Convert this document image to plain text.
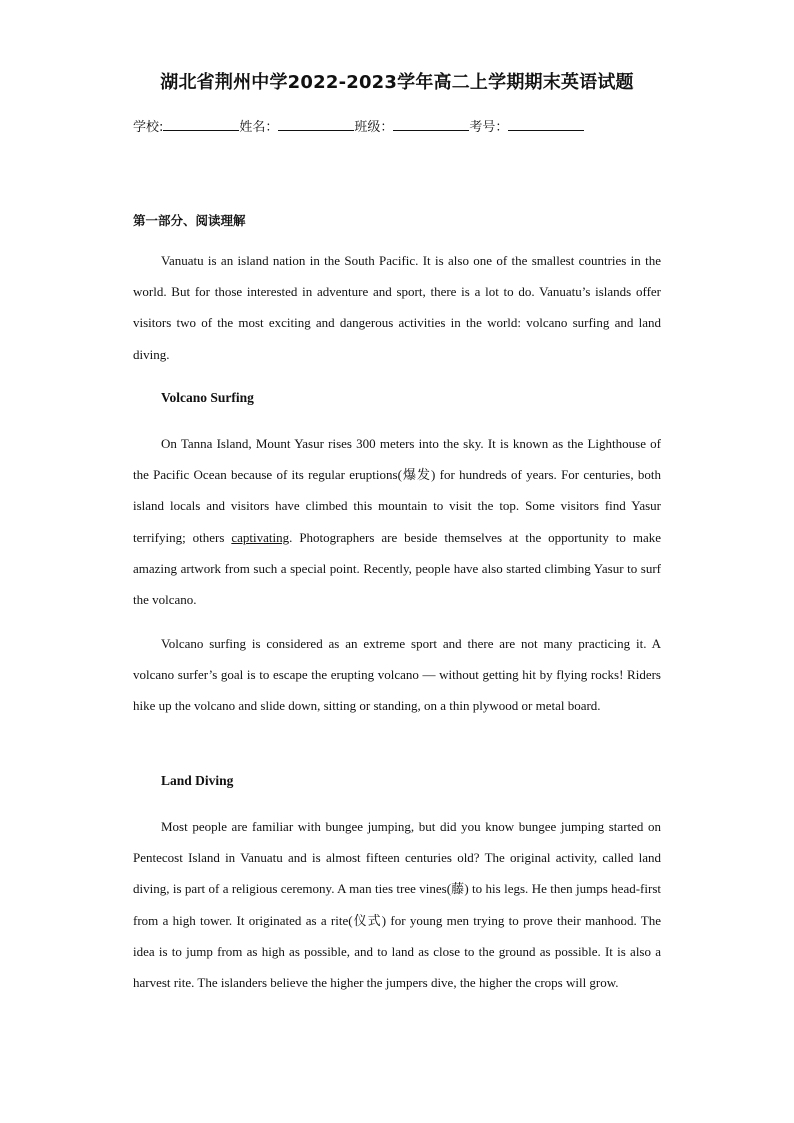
湖北省荆州中学2022-2023学年高二上学期期末英语试题
学校:	姓名：	班级：	考号：
第一部分、阅读理解

Vanuatu is an island nation in the South Pacific. It is also one of the smallest countries in the world. But for those interested in adventure and sport, there is a lot to do. Vanuatu’s islands offer visitors two of the most exciting and dangerous activities in the world: volcano surfing and land diving.

Volcano Surfing

On Tanna Island, Mount Yasur rises 300 meters into the sky. It is known as the Lighthouse of the Pacific Ocean because of its regular eruptions(爆发) for hundreds of years. For centuries, both island locals and visitors have climbed this mountain to visit the top. Some visitors find Yasur terrifying; others captivating. Photographers are beside themselves at the opportunity to make amazing artwork from such a special point. Recently, people have also started climbing Yasur to surf the volcano.

Volcano surfing is considered as an extreme sport and there are not many practicing it. A volcano surfer’s goal is to escape the erupting volcano — without getting hit by flying rocks! Riders hike up the volcano and slide down, sitting or standing, on a thin plywood or metal board.

Land Diving

Most people are familiar with bungee jumping, but did you know bungee jumping started on Pentecost Island in Vanuatu and is almost fifteen centuries old? The original activity, called land diving, is part of a religious ceremony. A man ties tree vines(藤) to his legs. He then jumps head-first from a high tower. It originated as a rite(仪式) for young men trying to prove their manhood. The idea is to jump from as high as possible, and to land as close to the ground as possible. It is also a harvest rite. The islanders believe the higher the jumpers dive, the higher the crops will grow.
